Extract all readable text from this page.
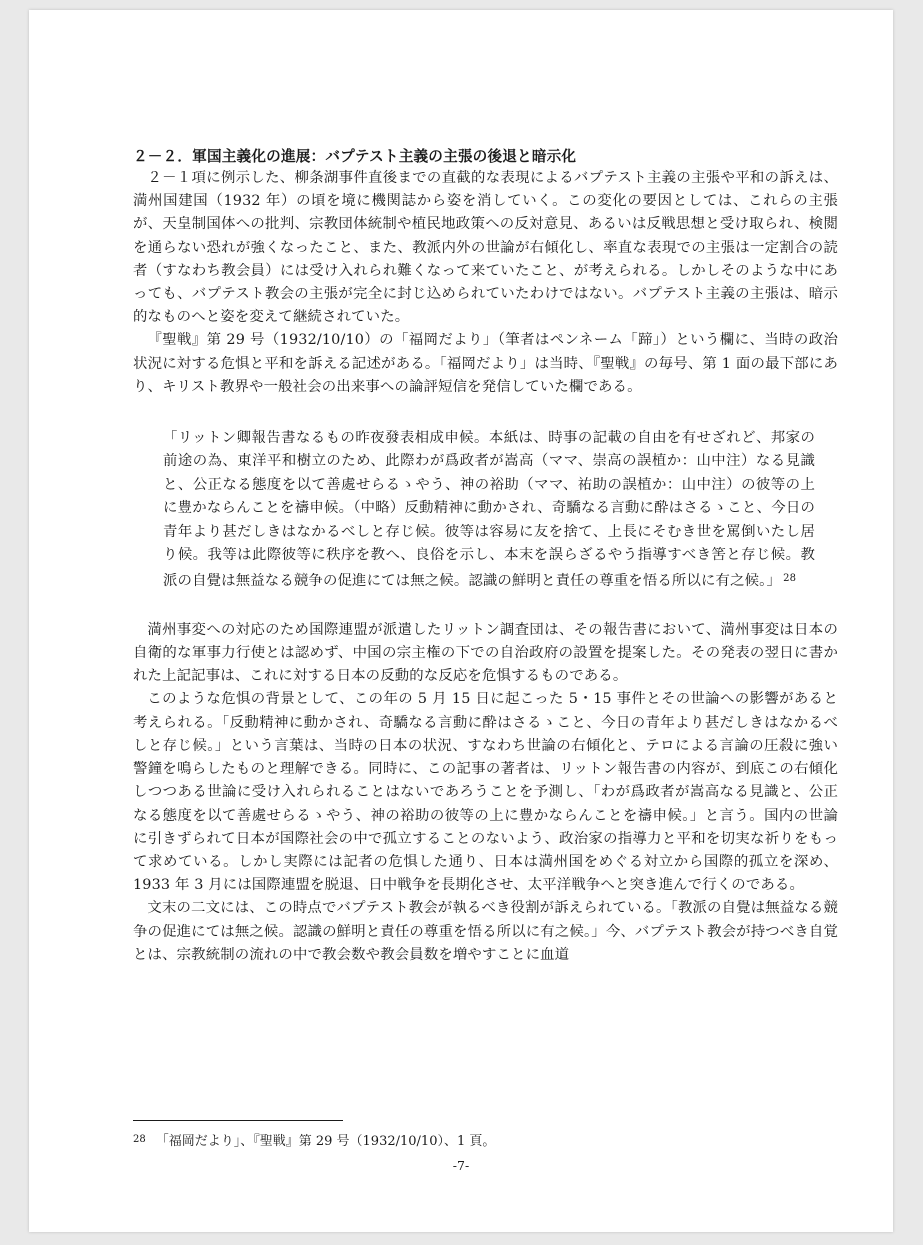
２－２．軍国主義化の進展：バプテスト主義の主張の後退と暗示化

２－１項に例示した、柳条湖事件直後までの直截的な表現によるバプテスト主義の主張や平和の訴えは、満州国建国（1932 年）の頃を境に機関誌から姿を消していく。この変化の要因としては、これらの主張が、天皇制国体への批判、宗教団体統制や植民地政策への反対意見、あるいは反戦思想と受け取られ、検閲を通らない恐れが強くなったこと、また、教派内外の世論が右傾化し、率直な表現での主張は一定割合の読者（すなわち教会員）には受け入れられ難くなって来ていたこと、が考えられる。しかしそのような中にあっても、バプテスト教会の主張が完全に封じ込められていたわけではない。バプテスト主義の主張は、暗示的なものへと姿を変えて継続されていた。

『聖戦』第 29 号（1932/10/10）の「福岡だより」（筆者はペンネーム「蹄」）という欄に、当時の政治状況に対する危惧と平和を訴える記述がある。「福岡だより」は当時、『聖戦』の毎号、第 1 面の最下部にあり、キリスト教界や一般社会の出来事への論評短信を発信していた欄である。

「リットン卿報告書なるもの昨夜發表相成申候。本紙は、時事の記載の自由を有せざれど、邦家の前途の為、東洋平和樹立のため、此際わが爲政者が嵩高（ママ、崇高の誤植か：山中注）なる見識と、公正なる態度を以て善處せらるゝやう、神の裕助（ママ、祐助の誤植か：山中注）の彼等の上に豊かならんことを禱申候。（中略）反動精神に動かされ、奇驕なる言動に酔はさるゝこと、今日の青年より甚だしきはなかるべしと存じ候。彼等は容易に友を捨て、上長にそむき世を罵倒いたし居り候。我等は此際彼等に秩序を教へ、良俗を示し、本末を誤らざるやう指導すべき筈と存じ候。教派の自覺は無益なる競争の促進にては無之候。認識の鮮明と責任の尊重を悟る所以に有之候。」 $^{28}$

満州事変への対応のため国際連盟が派遣したリットン調査団は、その報告書において、満州事変は日本の自衛的な軍事力行使とは認めず、中国の宗主権の下での自治政府の設置を提案した。その発表の翌日に書かれた上記記事は、これに対する日本の反動的な反応を危惧するものである。

このような危惧の背景として、この年の 5 月 15 日に起こった 5・15 事件とその世論への影響があると考えられる。「反動精神に動かされ、奇驕なる言動に酔はさるゝこと、今日の青年より甚だしきはなかるべしと存じ候。」という言葉は、当時の日本の状況、すなわち世論の右傾化と、テロによる言論の圧殺に強い警鐘を鳴らしたものと理解できる。同時に、この記事の著者は、リットン報告書の内容が、到底この右傾化しつつある世論に受け入れられることはないであろうことを予測し、「わが爲政者が嵩高なる見識と、公正なる態度を以て善處せらるゝやう、神の裕助の彼等の上に豊かならんことを禱申候。」と言う。国内の世論に引きずられて日本が国際社会の中で孤立することのないよう、政治家の指導力と平和を切実な祈りをもって求めている。しかし実際には記者の危惧した通り、日本は満州国をめぐる対立から国際的孤立を深め、1933 年 3 月には国際連盟を脱退、日中戦争を長期化させ、太平洋戦争へと突き進んで行くのである。

文末の二文には、この時点でバプテスト教会が執るべき役割が訴えられている。「教派の自覺は無益なる競争の促進にては無之候。認識の鮮明と責任の尊重を悟る所以に有之候。」今、バプテスト教会が持つべき自覚とは、宗教統制の流れの中で教会数や教会員数を増やすことに血道

$^{28}$ 「福岡だより」、『聖戦』第 29 号（1932/10/10）、1 頁。
-7-
